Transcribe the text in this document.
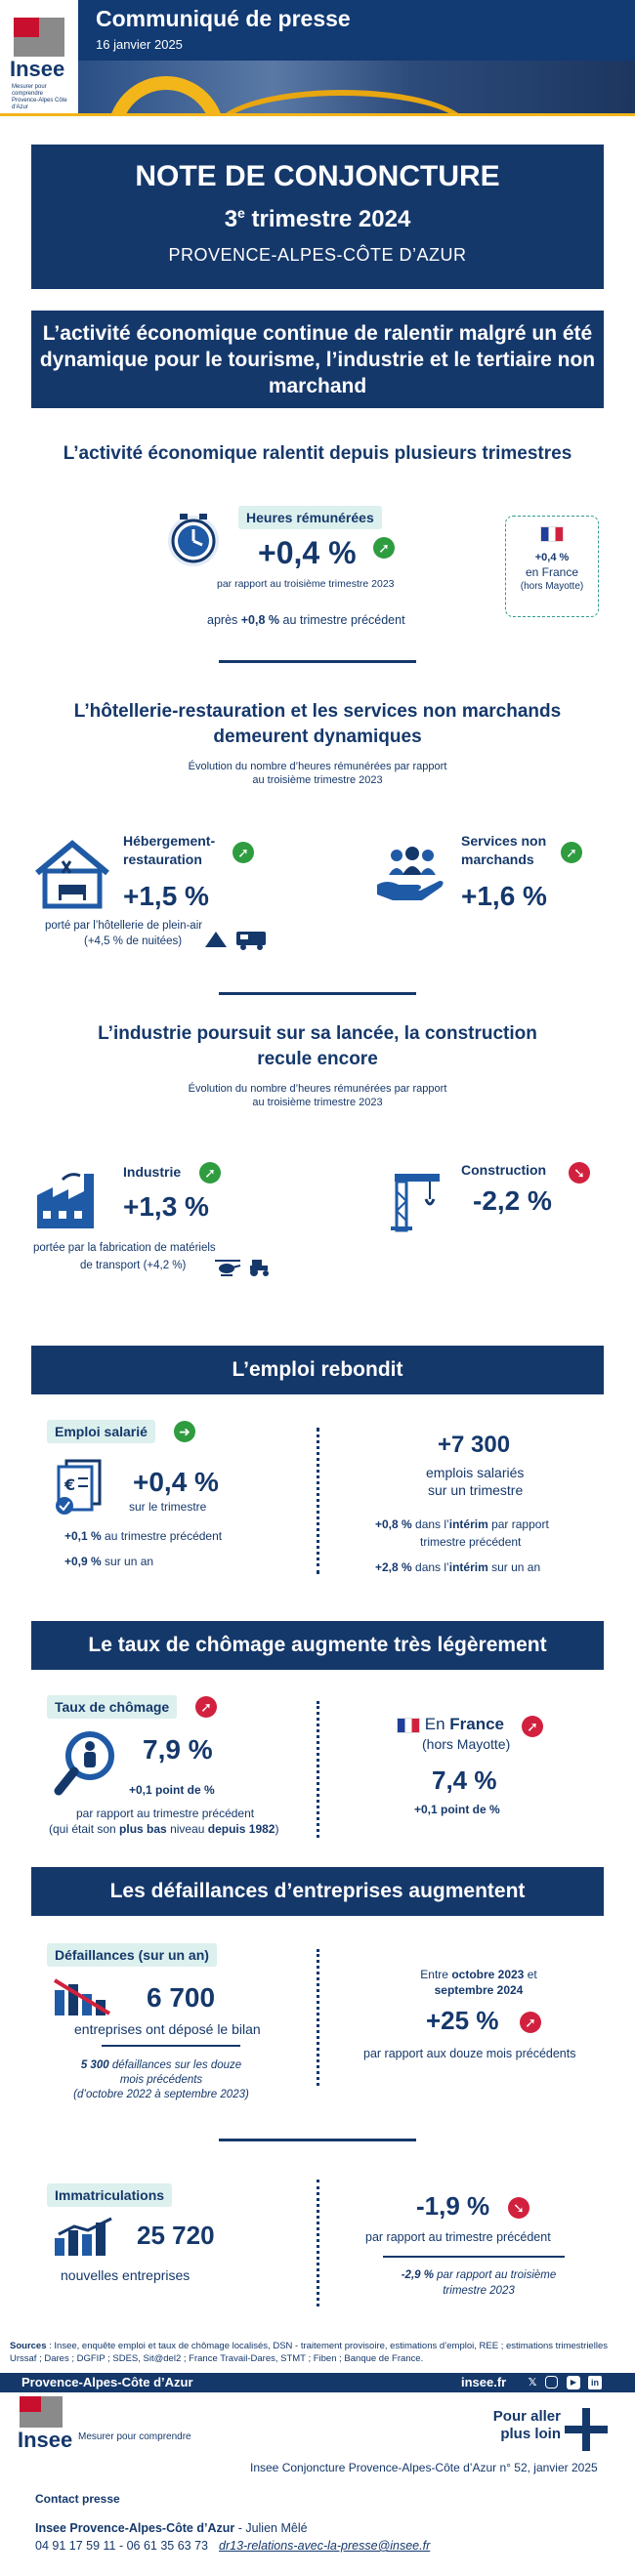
Insee
Mesurer pour comprendre Provence-Alpes Côte d'Azur
Communiqué de presse
16 janvier 2025
NOTE DE CONJONCTURE
3e trimestre 2024
PROVENCE-ALPES-CÔTE D’AZUR
L’activité économique continue de ralentir malgré un été dynamique pour le tourisme, l’industrie et le tertiaire non marchand
L’activité économique ralentit depuis plusieurs trimestres
Heures rémunérées
+0,4 %	➚
par rapport au troisième trimestre 2023
après +0,8 % au trimestre précédent
+0,4 %
en France
(hors Mayotte)
L’hôtellerie-restauration et les services non marchands demeurent dynamiques
Évolution du nombre d’heures rémunérées par rapport au troisième trimestre 2023
Hébergement-restauration	➚
+1,5 %
porté par l’hôtellerie de plein-air
(+4,5 % de nuitées)
Services non marchands	➚
+1,6 %
L’industrie poursuit sur sa lancée, la construction recule encore
Évolution du nombre d’heures rémunérées par rapport au troisième trimestre 2023
Industrie	➚
+1,3 %
portée par la fabrication de matériels
de transport (+4,2 %)
Construction	➘
-2,2 %
L’emploi rebondit
Emploi salarié	➜
€ +0,4 %
sur le trimestre
+0,1 % au trimestre précédent
+0,9 % sur un an
+7 300
emplois salariés
sur un trimestre
+0,8 % dans l’intérim par rapport
trimestre précédent
+2,8 % dans l’intérim sur un an
Le taux de chômage augmente très légèrement
Taux de chômage	➚
7,9 %
+0,1 point de %
par rapport au trimestre précédent
(qui était son plus bas niveau depuis 1982)
En France	➚
(hors Mayotte)
7,4 %
+0,1 point de %
Les défaillances d’entreprises augmentent
Défaillances (sur un an)
6 700
entreprises ont déposé le bilan
5 300 défaillances sur les douze
mois précédents
(d’octobre 2022 à septembre 2023)
Entre octobre 2023 et
septembre 2024
+25 %	➚
par rapport aux douze mois précédents
Immatriculations
25 720
nouvelles entreprises
-1,9 %	➘
par rapport au trimestre précédent
-2,9 % par rapport au troisième
trimestre 2023
Sources : Insee, enquête emploi et taux de chômage localisés, DSN - traitement provisoire, estimations d’emploi, REE ; estimations trimestrielles Urssaf ; Dares ; DGFIP ; SDES, Sit@del2 ; France Travail-Dares, STMT ; Fiben ; Banque de France.
Provence-Alpes-Côte d’Azur	insee.fr 𝕏	▶	in
Insee Mesurer pour comprendre
Pour aller
plus loin
Insee Conjoncture Provence-Alpes-Côte d’Azur n° 52, janvier 2025
Contact presse
Insee Provence-Alpes-Côte d’Azur - Julien Mêlé
04 91 17 59 11 - 06 61 35 63 73 dr13-relations-avec-la-presse@insee.fr
